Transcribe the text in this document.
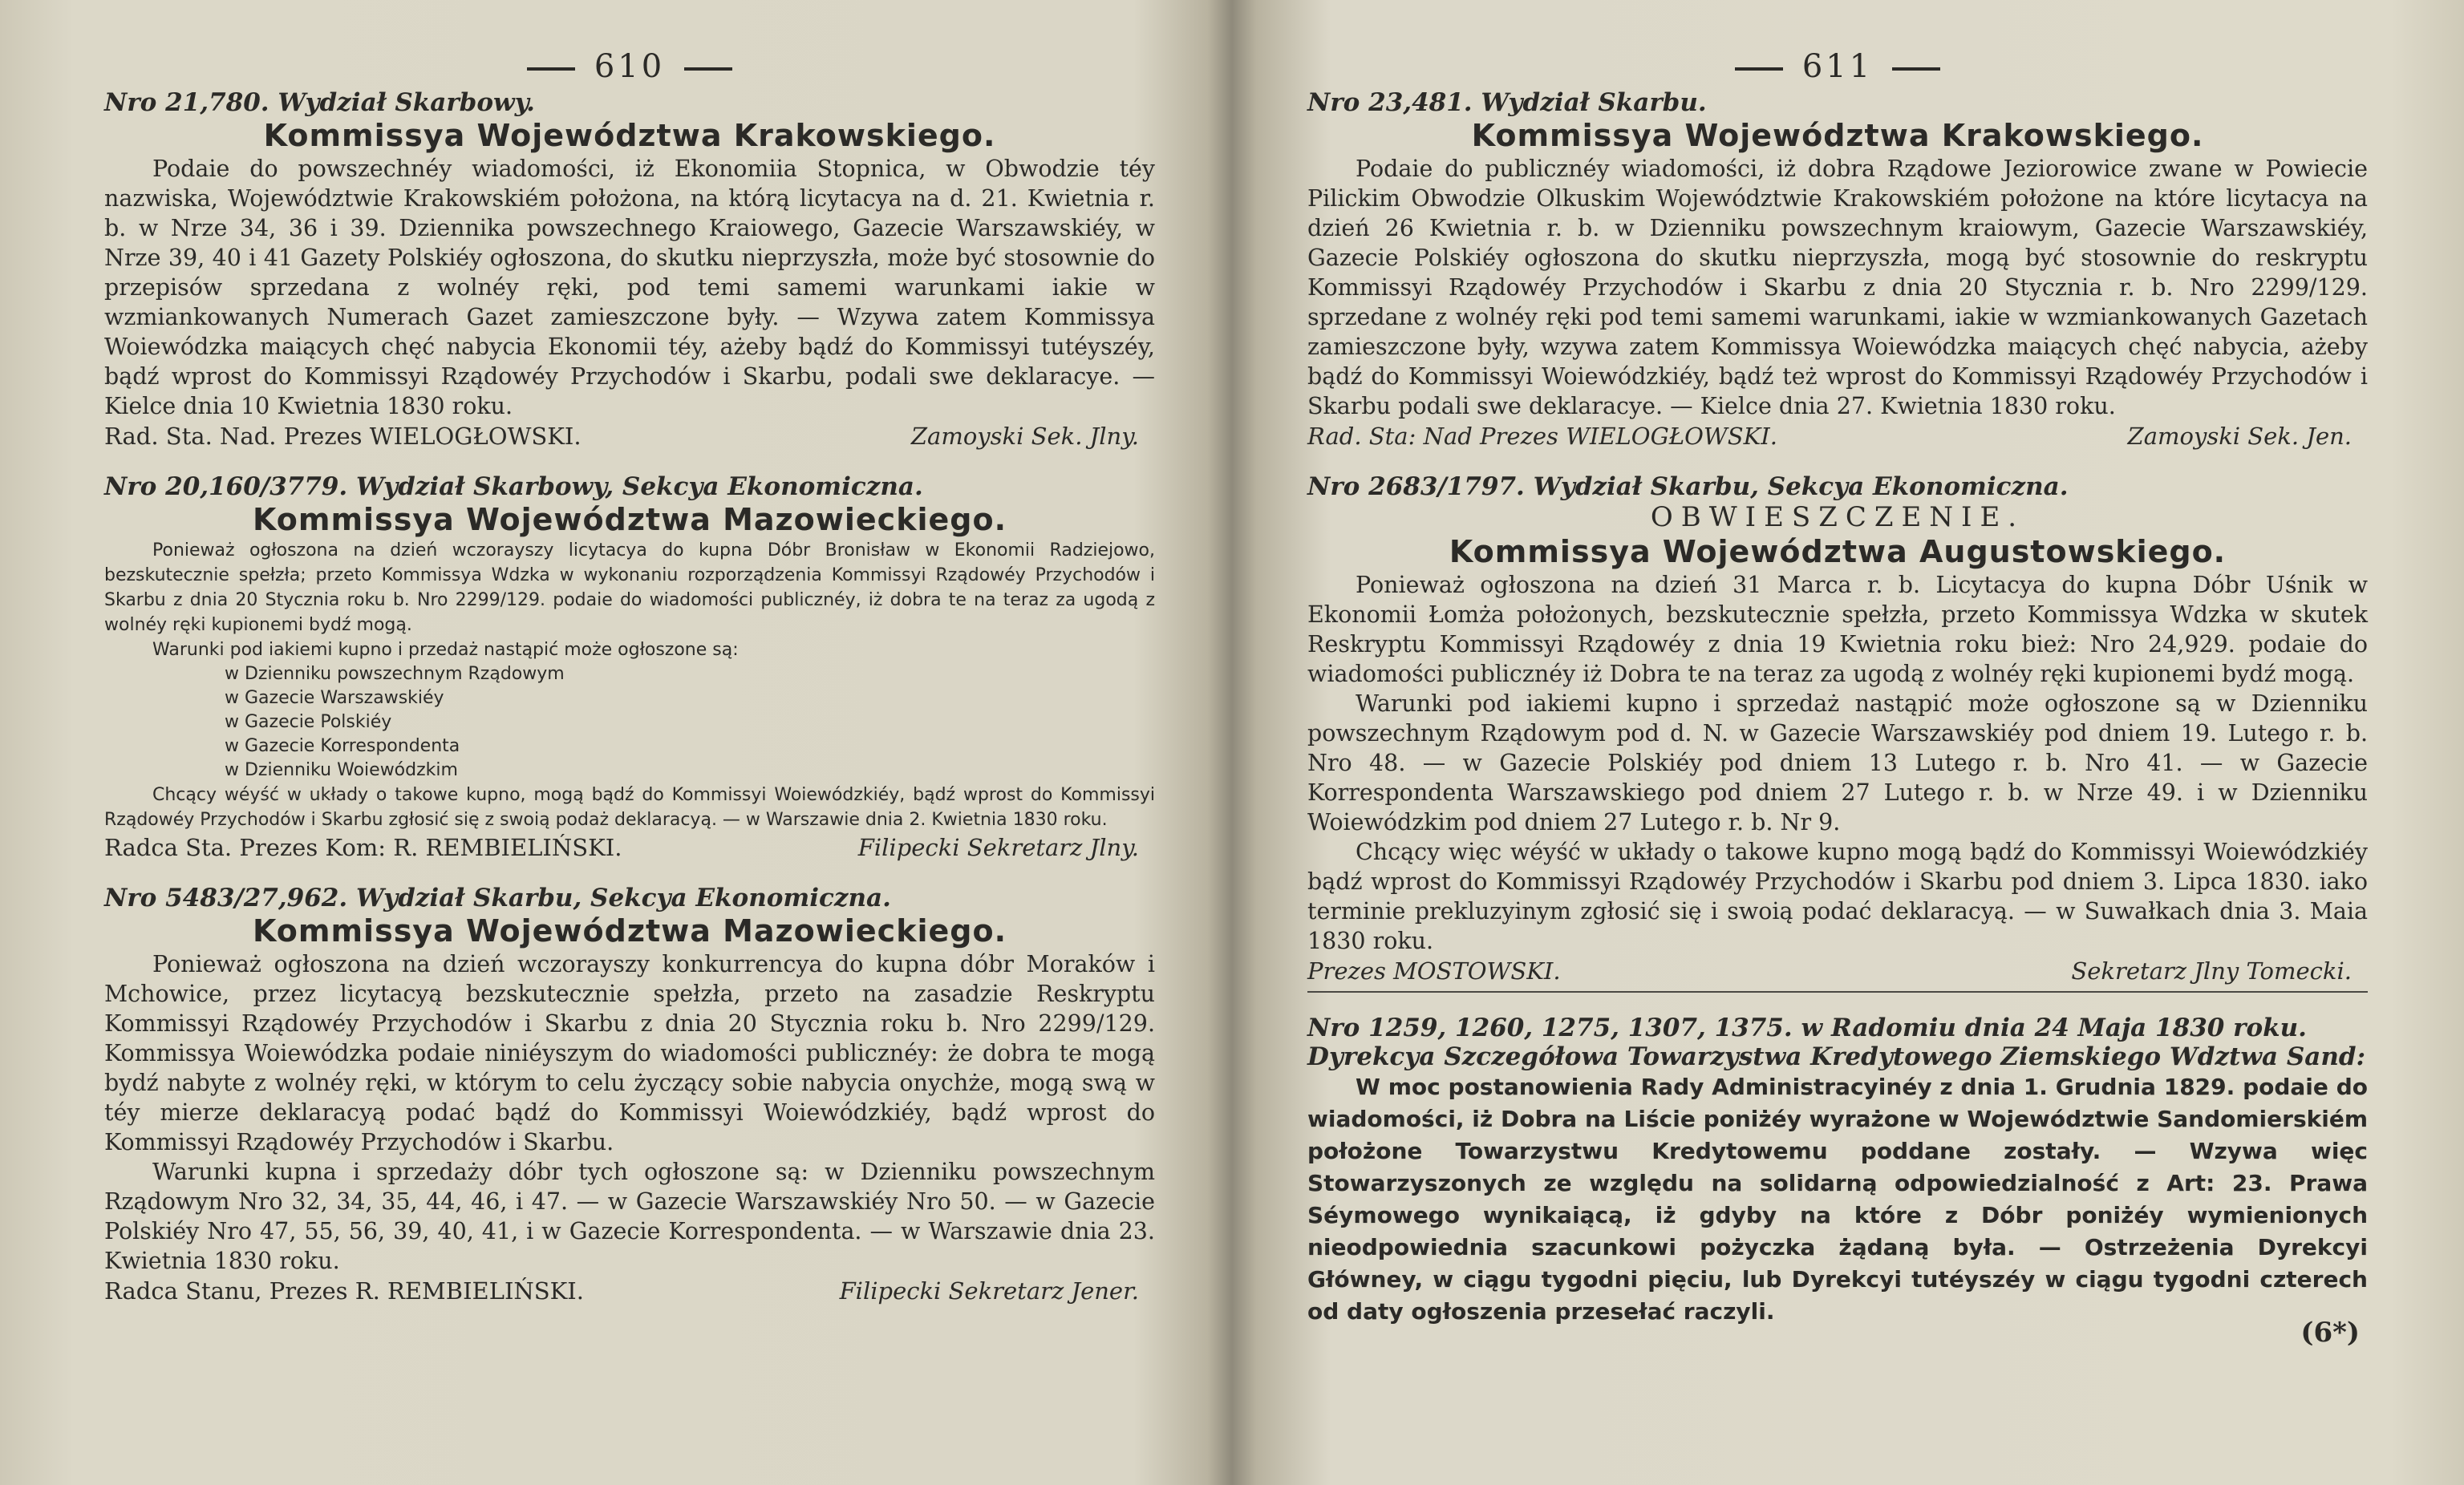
610
Nro 21,780. Wydział Skarbowy.
Kommissya Województwa Krakowskiego.

Podaie do powszechnéy wiadomości, iż Ekonomiia Stopnica, w Obwodzie téy nazwiska, Województwie Krakowskiém położona, na którą licytacya na d. 21. Kwietnia r. b. w Nrze 34, 36 i 39. Dziennika powszechnego Kraiowego, Gazecie Warszawskiéy, w Nrze 39, 40 i 41 Gazety Polskiéy ogłoszona, do skutku nieprzyszła, może być stosownie do przepisów sprzedana z wolnéy ręki, pod temi samemi warunkami iakie w wzmiankowanych Numerach Gazet zamieszczone były. — Wzywa zatem Kommissya Woiewódzka maiących chęć nabycia Ekonomii téy, ażeby bądź do Kommissyi tutéyszéy, bądź wprost do Kommissyi Rządowéy Przychodów i Skarbu, podali swe deklaracye. — Kielce dnia 10 Kwietnia 1830 roku.

Rad. Sta. Nad. Prezes WIELOGŁOWSKI.	Zamoyski Sek. Jlny.
Nro 20,160/3779. Wydział Skarbowy, Sekcya Ekonomiczna.
Kommissya Województwa Mazowieckiego.

Ponieważ ogłoszona na dzień wczorayszy licytacya do kupna Dóbr Bronisław w Ekonomii Radziejowo, bezskutecznie spełzła; przeto Kommissya Wdzka w wykonaniu rozporządzenia Kommissyi Rządowéy Przychodów i Skarbu z dnia 20 Stycznia roku b. Nro 2299/129. podaie do wiadomości publicznéy, iż dobra te na teraz za ugodą z wolnéy ręki kupionemi bydź mogą.

Warunki pod iakiemi kupno i przedaż nastąpić może ogłoszone są:

w Dzienniku powszechnym Rządowym

w Gazecie Warszawskiéy

w Gazecie Polskiéy

w Gazecie Korrespondenta

w Dzienniku Woiewódzkim

Chcący wéyść w układy o takowe kupno, mogą bądź do Kommissyi Woiewódzkiéy, bądź wprost do Kommissyi Rządowéy Przychodów i Skarbu zgłosić się z swoią podaż deklaracyą. — w Warszawie dnia 2. Kwietnia 1830 roku.

Radca Sta. Prezes Kom: R. REMBIELIŃSKI.	Filipecki Sekretarz Jlny.
Nro 5483/27,962. Wydział Skarbu, Sekcya Ekonomiczna.
Kommissya Województwa Mazowieckiego.

Ponieważ ogłoszona na dzień wczorayszy konkurrencya do kupna dóbr Moraków i Mchowice, przez licytacyą bezskutecznie spełzła, przeto na zasadzie Reskryptu Kommissyi Rządowéy Przychodów i Skarbu z dnia 20 Stycznia roku b. Nro 2299/129. Kommissya Woiewódzka podaie niniéyszym do wiadomości publicznéy: że dobra te mogą bydź nabyte z wolnéy ręki, w którym to celu życzący sobie nabycia onychże, mogą swą w téy mierze deklaracyą podać bądź do Kommissyi Woiewódzkiéy, bądź wprost do Kommissyi Rządowéy Przychodów i Skarbu.

Warunki kupna i sprzedaży dóbr tych ogłoszone są: w Dzienniku powszechnym Rządowym Nro 32, 34, 35, 44, 46, i 47. — w Gazecie Warszawskiéy Nro 50. — w Gazecie Polskiéy Nro 47, 55, 56, 39, 40, 41, i w Gazecie Korrespondenta. — w Warszawie dnia 23. Kwietnia 1830 roku.

Radca Stanu, Prezes R. REMBIELIŃSKI.	Filipecki Sekretarz Jener.
611
Nro 23,481. Wydział Skarbu.
Kommissya Województwa Krakowskiego.

Podaie do publicznéy wiadomości, iż dobra Rządowe Jeziorowice zwane w Powiecie Pilickim Obwodzie Olkuskim Województwie Krakowskiém położone na które licytacya na dzień 26 Kwietnia r. b. w Dzienniku powszechnym kraiowym, Gazecie Warszawskiéy, Gazecie Polskiéy ogłoszona do skutku nieprzyszła, mogą być stosownie do reskryptu Kommissyi Rządowéy Przychodów i Skarbu z dnia 20 Stycznia r. b. Nro 2299/129. sprzedane z wolnéy ręki pod temi samemi warunkami, iakie w wzmiankowanych Gazetach zamieszczone były, wzywa zatem Kommissya Woiewódzka maiących chęć nabycia, ażeby bądź do Kommissyi Woiewódzkiéy, bądź też wprost do Kommissyi Rządowéy Przychodów i Skarbu podali swe deklaracye. — Kielce dnia 27. Kwietnia 1830 roku.

Rad. Sta: Nad Prezes WIELOGŁOWSKI.	Zamoyski Sek. Jen.
Nro 2683/1797. Wydział Skarbu, Sekcya Ekonomiczna.
OBWIESZCZENIE.
Kommissya Województwa Augustowskiego.

Ponieważ ogłoszona na dzień 31 Marca r. b. Licytacya do kupna Dóbr Uśnik w Ekonomii Łomża położonych, bezskutecznie spełzła, przeto Kommissya Wdzka w skutek Reskryptu Kommissyi Rządowéy z dnia 19 Kwietnia roku bież: Nro 24,929. podaie do wiadomości publicznéy iż Dobra te na teraz za ugodą z wolnéy ręki kupionemi bydź mogą.

Warunki pod iakiemi kupno i sprzedaż nastąpić może ogłoszone są w Dzienniku powszechnym Rządowym pod d. N. w Gazecie Warszawskiéy pod dniem 19. Lutego r. b. Nro 48. — w Gazecie Polskiéy pod dniem 13 Lutego r. b. Nro 41. — w Gazecie Korrespondenta Warszawskiego pod dniem 27 Lutego r. b. w Nrze 49. i w Dzienniku Woiewódzkim pod dniem 27 Lutego r. b. Nr 9.

Chcący więc wéyść w układy o takowe kupno mogą bądź do Kommissyi Woiewódzkiéy bądź wprost do Kommissyi Rządowéy Przychodów i Skarbu pod dniem 3. Lipca 1830. iako terminie prekluzyinym zgłosić się i swoią podać deklaracyą. — w Suwałkach dnia 3. Maia 1830 roku.

Prezes MOSTOWSKI.	Sekretarz Jlny Tomecki.
Nro 1259, 1260, 1275, 1307, 1375. w Radomiu dnia 24 Maja 1830 roku.
Dyrekcya Szczegółowa Towarzystwa Kredytowego Ziemskiego Wdztwa Sand:

W moc postanowienia Rady Administracyinéy z dnia 1. Grudnia 1829. podaie do wiadomości, iż Dobra na Liście poniżéy wyrażone w Województwie Sandomierskiém położone Towarzystwu Kredytowemu poddane zostały. — Wzywa więc Stowarzyszonych ze względu na solidarną odpowiedzialność z Art: 23. Prawa Séymowego wynikaiącą, iż gdyby na które z Dóbr poniżéy wymienionych nieodpowiednia szacunkowi pożyczka żądaną była. — Ostrzeżenia Dyrekcyi Główney, w ciągu tygodni pięciu, lub Dyrekcyi tutéyszéy w ciągu tygodni czterech od daty ogłoszenia przesełać raczyli.

(6*)
